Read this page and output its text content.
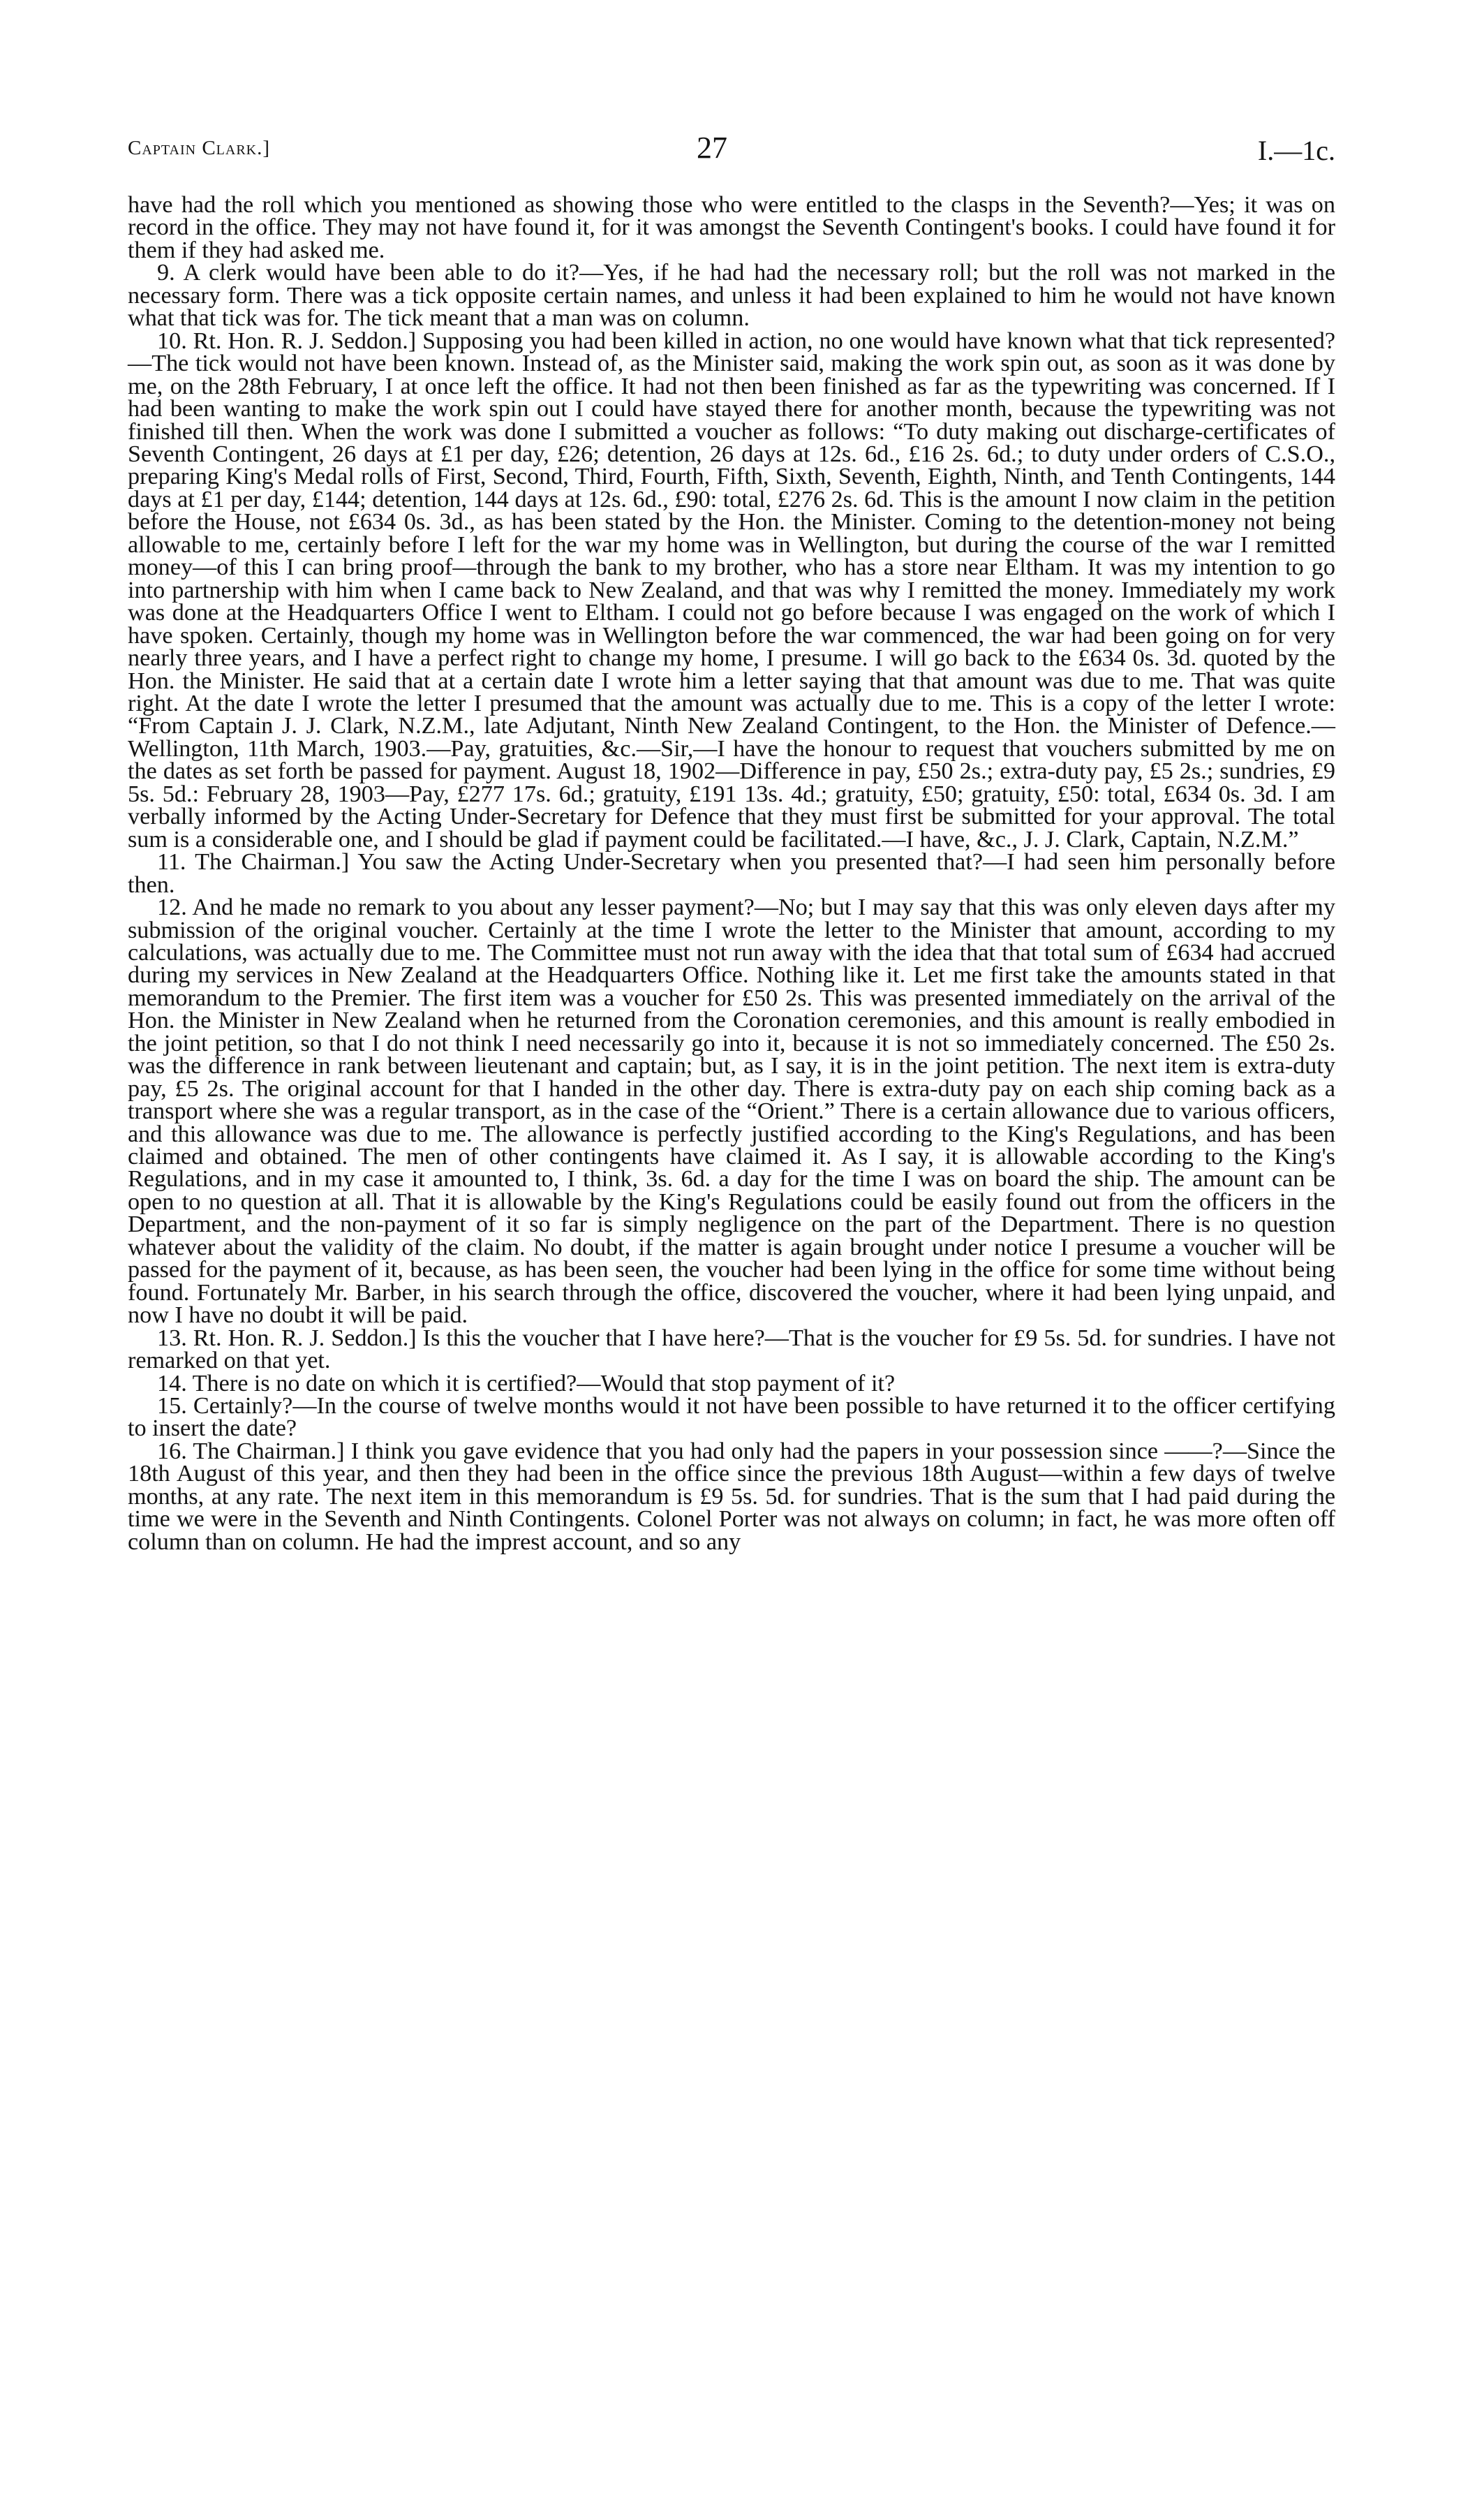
Captain Clark.]	27	I.—1c.

have had the roll which you mentioned as showing those who were entitled to the clasps in the Seventh?—Yes; it was on record in the office. They may not have found it, for it was amongst the Seventh Contingent's books. I could have found it for them if they had asked me.

9. A clerk would have been able to do it?—Yes, if he had had the necessary roll; but the roll was not marked in the necessary form. There was a tick opposite certain names, and unless it had been explained to him he would not have known what that tick was for. The tick meant that a man was on column.

10. Rt. Hon. R. J. Seddon.] Supposing you had been killed in action, no one would have known what that tick represented?—The tick would not have been known. Instead of, as the Minister said, making the work spin out, as soon as it was done by me, on the 28th February, I at once left the office. It had not then been finished as far as the typewriting was concerned. If I had been wanting to make the work spin out I could have stayed there for another month, because the typewriting was not finished till then. When the work was done I submitted a voucher as follows: “To duty making out discharge-certificates of Seventh Contingent, 26 days at £1 per day, £26; detention, 26 days at 12s. 6d., £16 2s. 6d.; to duty under orders of C.S.O., preparing King's Medal rolls of First, Second, Third, Fourth, Fifth, Sixth, Seventh, Eighth, Ninth, and Tenth Contingents, 144 days at £1 per day, £144; detention, 144 days at 12s. 6d., £90: total, £276 2s. 6d. This is the amount I now claim in the petition before the House, not £634 0s. 3d., as has been stated by the Hon. the Minister. Coming to the detention-money not being allowable to me, certainly before I left for the war my home was in Wellington, but during the course of the war I remitted money—of this I can bring proof—through the bank to my brother, who has a store near Eltham. It was my intention to go into partnership with him when I came back to New Zealand, and that was why I remitted the money. Immediately my work was done at the Headquarters Office I went to Eltham. I could not go before because I was engaged on the work of which I have spoken. Certainly, though my home was in Wellington before the war commenced, the war had been going on for very nearly three years, and I have a perfect right to change my home, I presume. I will go back to the £634 0s. 3d. quoted by the Hon. the Minister. He said that at a certain date I wrote him a letter saying that that amount was due to me. That was quite right. At the date I wrote the letter I presumed that the amount was actually due to me. This is a copy of the letter I wrote: “From Captain J. J. Clark, N.Z.M., late Adjutant, Ninth New Zealand Contingent, to the Hon. the Minister of Defence.—Wellington, 11th March, 1903.—Pay, gratuities, &c.—Sir,—I have the honour to request that vouchers submitted by me on the dates as set forth be passed for payment. August 18, 1902—Difference in pay, £50 2s.; extra-duty pay, £5 2s.; sundries, £9 5s. 5d.: February 28, 1903—Pay, £277 17s. 6d.; gratuity, £191 13s. 4d.; gratuity, £50; gratuity, £50: total, £634 0s. 3d. I am verbally informed by the Acting Under-Secretary for Defence that they must first be submitted for your approval. The total sum is a considerable one, and I should be glad if payment could be facilitated.—I have, &c., J. J. Clark, Captain, N.Z.M.”

11. The Chairman.] You saw the Acting Under-Secretary when you presented that?—I had seen him personally before then.

12. And he made no remark to you about any lesser payment?—No; but I may say that this was only eleven days after my submission of the original voucher. Certainly at the time I wrote the letter to the Minister that amount, according to my calculations, was actually due to me. The Committee must not run away with the idea that that total sum of £634 had accrued during my services in New Zealand at the Headquarters Office. Nothing like it. Let me first take the amounts stated in that memorandum to the Premier. The first item was a voucher for £50 2s. This was presented immediately on the arrival of the Hon. the Minister in New Zealand when he returned from the Coronation ceremonies, and this amount is really embodied in the joint petition, so that I do not think I need necessarily go into it, because it is not so immediately concerned. The £50 2s. was the difference in rank between lieutenant and captain; but, as I say, it is in the joint petition. The next item is extra-duty pay, £5 2s. The original account for that I handed in the other day. There is extra-duty pay on each ship coming back as a transport where she was a regular transport, as in the case of the “Orient.” There is a certain allowance due to various officers, and this allowance was due to me. The allowance is perfectly justified according to the King's Regulations, and has been claimed and obtained. The men of other contingents have claimed it. As I say, it is allowable according to the King's Regulations, and in my case it amounted to, I think, 3s. 6d. a day for the time I was on board the ship. The amount can be open to no question at all. That it is allowable by the King's Regulations could be easily found out from the officers in the Department, and the non-payment of it so far is simply negligence on the part of the Department. There is no question whatever about the validity of the claim. No doubt, if the matter is again brought under notice I presume a voucher will be passed for the payment of it, because, as has been seen, the voucher had been lying in the office for some time without being found. Fortunately Mr. Barber, in his search through the office, discovered the voucher, where it had been lying unpaid, and now I have no doubt it will be paid.

13. Rt. Hon. R. J. Seddon.] Is this the voucher that I have here?—That is the voucher for £9 5s. 5d. for sundries. I have not remarked on that yet.

14. There is no date on which it is certified?—Would that stop payment of it?

15. Certainly?—In the course of twelve months would it not have been possible to have returned it to the officer certifying to insert the date?

16. The Chairman.] I think you gave evidence that you had only had the papers in your possession since ——?—Since the 18th August of this year, and then they had been in the office since the previous 18th August—within a few days of twelve months, at any rate. The next item in this memorandum is £9 5s. 5d. for sundries. That is the sum that I had paid during the time we were in the Seventh and Ninth Contingents. Colonel Porter was not always on column; in fact, he was more often off column than on column. He had the imprest account, and so any
